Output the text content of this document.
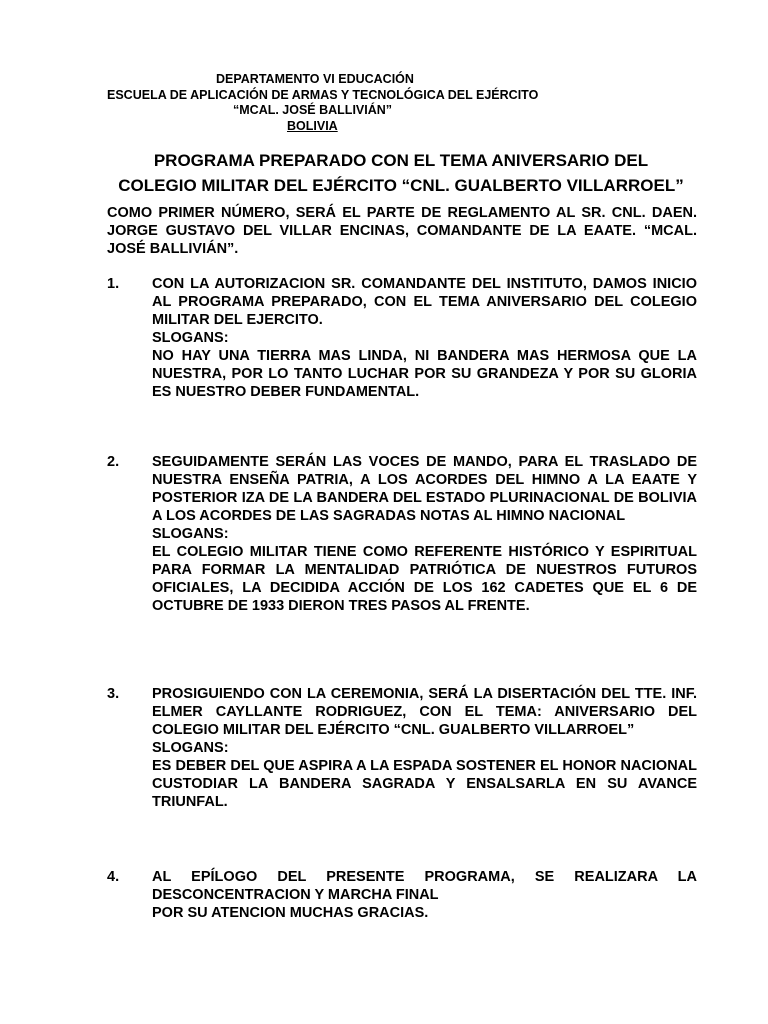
DEPARTAMENTO VI EDUCACIÓN
ESCUELA DE APLICACIÓN DE ARMAS Y TECNOLÓGICA DEL EJÉRCITO
“MCAL. JOSÉ BALLIVIÁN”
BOLIVIA
PROGRAMA PREPARADO CON EL TEMA ANIVERSARIO DEL
COLEGIO MILITAR DEL EJÉRCITO “CNL. GUALBERTO VILLARROEL”
COMO PRIMER NÚMERO, SERÁ EL PARTE DE REGLAMENTO AL SR. CNL. DAEN. JORGE GUSTAVO DEL VILLAR ENCINAS, COMANDANTE DE LA EAATE. “MCAL. JOSÉ BALLIVIÁN”.
1. CON LA AUTORIZACION SR. COMANDANTE DEL INSTITUTO, DAMOS INICIO AL PROGRAMA PREPARADO, CON EL TEMA ANIVERSARIO DEL COLEGIO MILITAR DEL EJERCITO.

SLOGANS:

NO HAY UNA TIERRA MAS LINDA, NI BANDERA MAS HERMOSA QUE LA NUESTRA, POR LO TANTO LUCHAR POR SU GRANDEZA Y POR SU GLORIA ES NUESTRO DEBER FUNDAMENTAL.

2. SEGUIDAMENTE SERÁN LAS VOCES DE MANDO, PARA EL TRASLADO DE NUESTRA ENSEÑA PATRIA, A LOS ACORDES DEL HIMNO A LA EAATE Y POSTERIOR IZA DE LA BANDERA DEL ESTADO PLURINACIONAL DE BOLIVIA A LOS ACORDES DE LAS SAGRADAS NOTAS AL HIMNO NACIONAL

SLOGANS:

EL COLEGIO MILITAR TIENE COMO REFERENTE HISTÓRICO Y ESPIRITUAL PARA FORMAR LA MENTALIDAD PATRIÓTICA DE NUESTROS FUTUROS OFICIALES, LA DECIDIDA ACCIÓN DE LOS 162 CADETES QUE EL 6 DE OCTUBRE DE 1933 DIERON TRES PASOS AL FRENTE.

3. PROSIGUIENDO CON LA CEREMONIA, SERÁ LA DISERTACIÓN DEL TTE. INF. ELMER CAYLLANTE RODRIGUEZ, CON EL TEMA: ANIVERSARIO DEL COLEGIO MILITAR DEL EJÉRCITO “CNL. GUALBERTO VILLARROEL”

SLOGANS:

ES DEBER DEL QUE ASPIRA A LA ESPADA SOSTENER EL HONOR NACIONAL CUSTODIAR LA BANDERA SAGRADA Y ENSALSARLA EN SU AVANCE TRIUNFAL.

4. AL EPÍLOGO DEL PRESENTE PROGRAMA, SE REALIZARA LA DESCONCENTRACION Y MARCHA FINAL

POR SU ATENCION MUCHAS GRACIAS.
